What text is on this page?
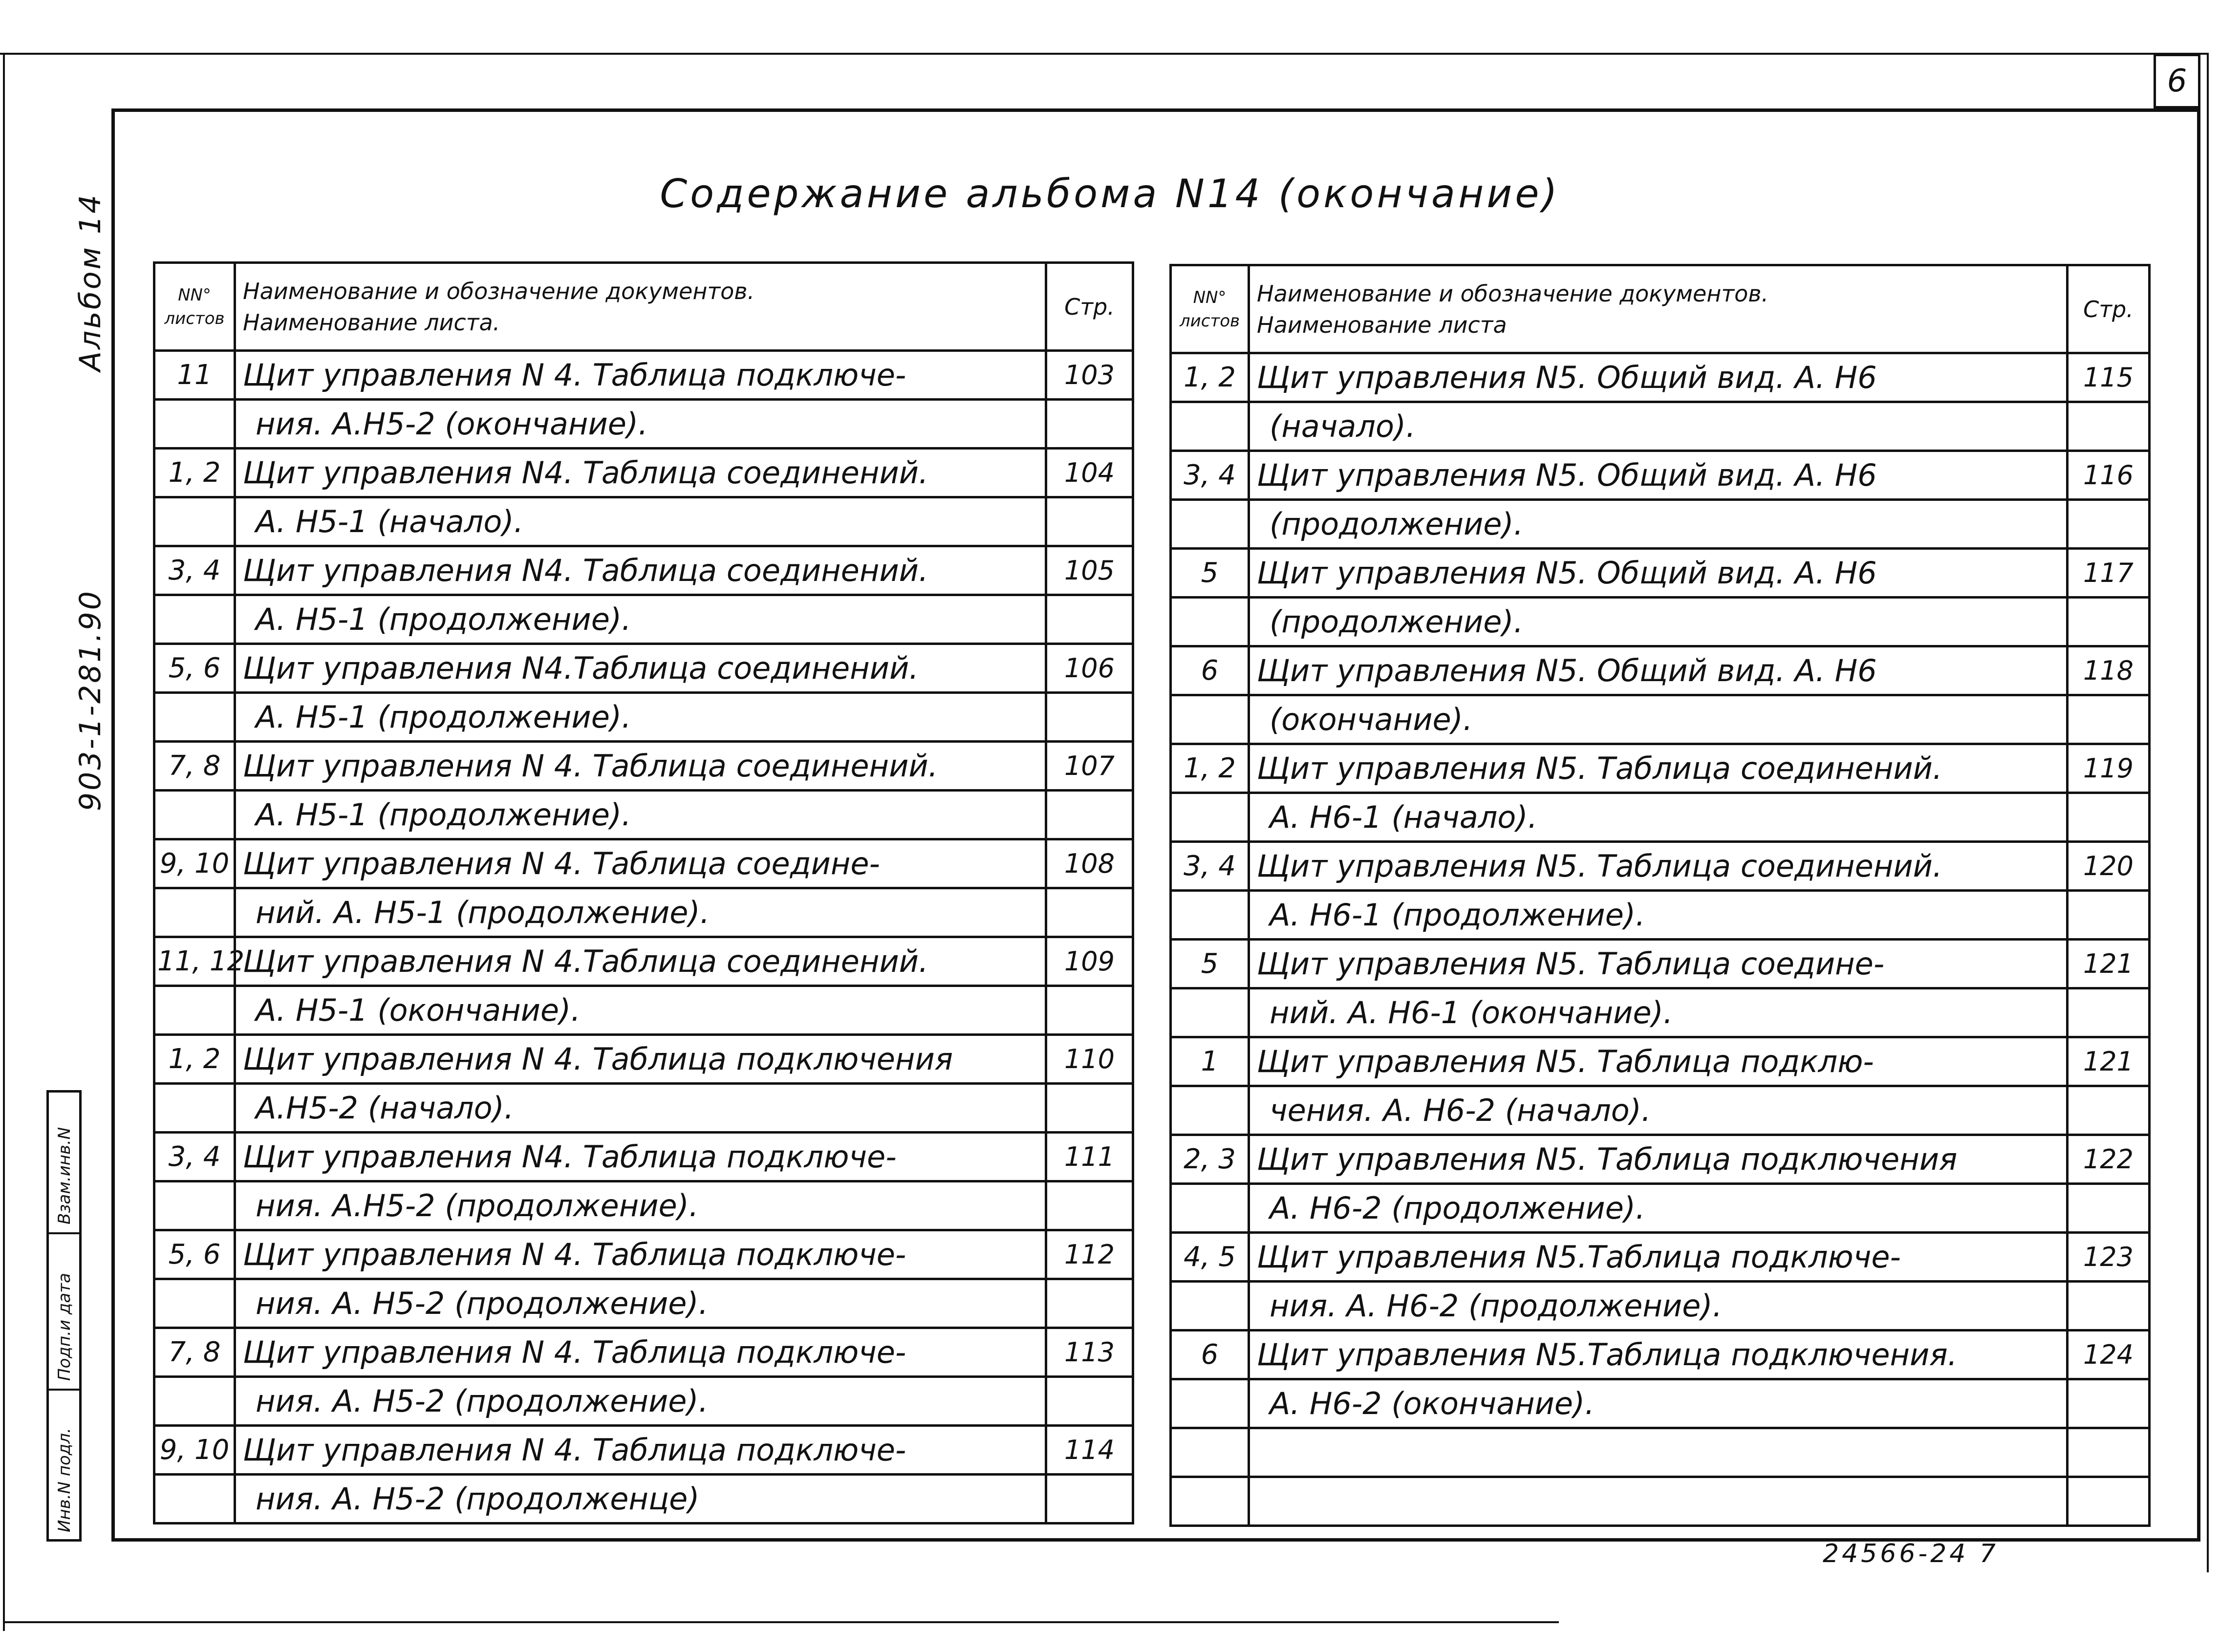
6
Альбом 14
903-1-281.90
Взам.инв.N
Подп.и дата
Инв.N подл.
Содержание альбома N14 (окончание)
NN° листов	Наименование и обозначение документов.
Наименование листа.	Стр.
11	Щит управления N 4. Таблица подключе-	103
	ния. А.Н5-2 (окончание).	
1, 2	Щит управления N4. Таблица соединений.	104
	А. Н5-1 (начало).	
3, 4	Щит управления N4. Таблица соединений.	105
	А. Н5-1 (продолжение).	
5, 6	Щит управления N4.Таблица соединений.	106
	А. Н5-1 (продолжение).	
7, 8	Щит управления N 4. Таблица соединений.	107
	А. Н5-1 (продолжение).	
9, 10	Щит управления N 4. Таблица соедине-	108
	ний. А. Н5-1 (продолжение).	
11, 12	Щит управления N 4.Таблица соединений.	109
	А. Н5-1 (окончание).	
1, 2	Щит управления N 4. Таблица подключения	110
	А.Н5-2 (начало).	
3, 4	Щит управления N4. Таблица подключе-	111
	ния. А.Н5-2 (продолжение).	
5, 6	Щит управления N 4. Таблица подключе-	112
	ния. А. Н5-2 (продолжение).	
7, 8	Щит управления N 4. Таблица подключе-	113
	ния. А. Н5-2 (продолжение).	
9, 10	Щит управления N 4. Таблица подключе-	114
	ния. А. Н5-2 (продолженце)	
NN° листов	Наименование и обозначение документов.
Наименование листа	Стр.
1, 2	Щит управления N5. Общий вид. А. Н6	115
	(начало).	
3, 4	Щит управления N5. Общий вид. А. Н6	116
	(продолжение).	
5	Щит управления N5. Общий вид. А. Н6	117
	(продолжение).	
6	Щит управления N5. Общий вид. А. Н6	118
	(окончание).	
1, 2	Щит управления N5. Таблица соединений.	119
	А. Н6-1 (начало).	
3, 4	Щит управления N5. Таблица соединений.	120
	А. Н6-1 (продолжение).	
5	Щит управления N5. Таблица соедине-	121
	ний. А. Н6-1 (окончание).	
1	Щит управления N5. Таблица подклю-	121
	чения. А. Н6-2 (начало).	
2, 3	Щит управления N5. Таблица подключения	122
	А. Н6-2 (продолжение).	
4, 5	Щит управления N5.Таблица подключе-	123
	ния. А. Н6-2 (продолжение).	
6	Щит управления N5.Таблица подключения.	124
	А. Н6-2 (окончание).	

24566-24 7
